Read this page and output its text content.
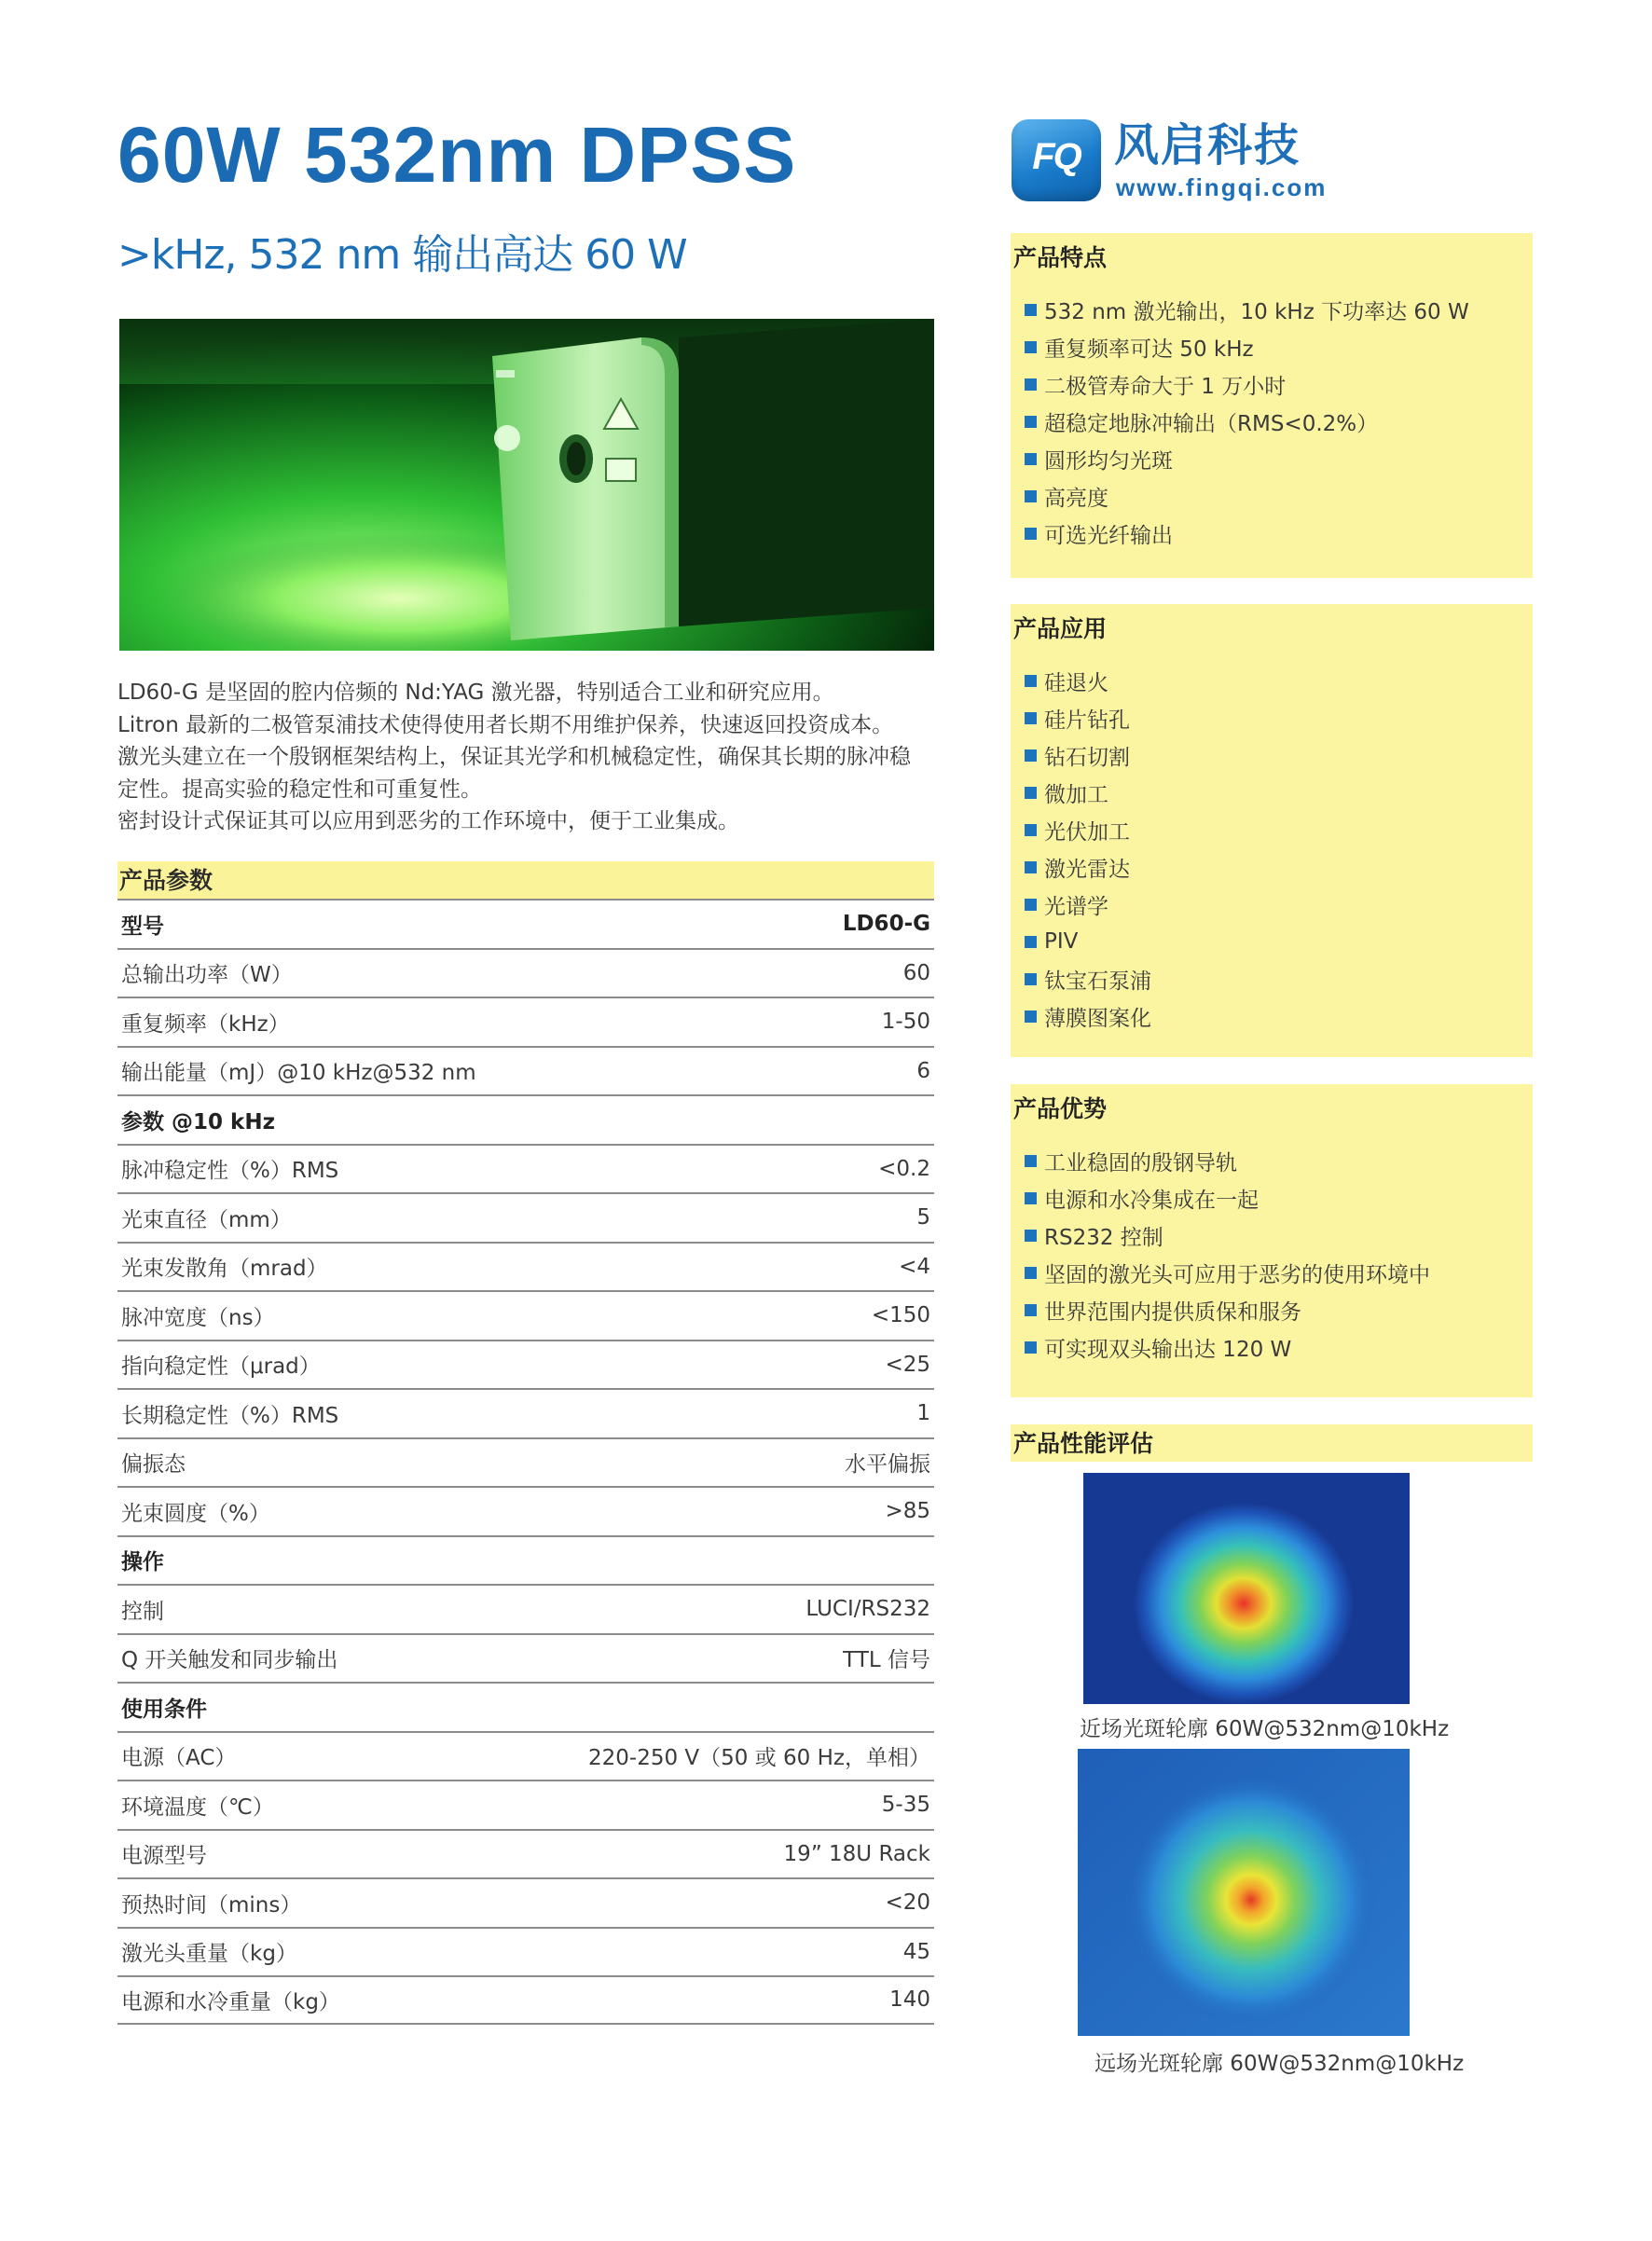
60W 532nm DPSS
>kHz, 532 nm 输出高达 60 W
FQ 风启科技
www.fingqi.com
LD60-G 是坚固的腔内倍频的 Nd:YAG 激光器，特别适合工业和研究应用。
Litron 最新的二极管泵浦技术使得使用者长期不用维护保养，快速返回投资成本。
激光头建立在一个殷钢框架结构上，保证其光学和机械稳定性，确保其长期的脉冲稳
定性。提高实验的稳定性和可重复性。
密封设计式保证其可以应用到恶劣的工作环境中，便于工业集成。
产品参数
型号	LD60-G
总输出功率（W）	60
重复频率（kHz）	1-50
输出能量（mJ）@10 kHz@532 nm	6
参数 @10 kHz
脉冲稳定性（%）RMS	<0.2
光束直径（mm）	5
光束发散角（mrad）	<4
脉冲宽度（ns）	<150
指向稳定性（μrad）	<25
长期稳定性（%）RMS	1
偏振态	水平偏振
光束圆度（%）	>85
操作
控制	LUCI/RS232
Q 开关触发和同步输出	TTL 信号
使用条件
电源（AC）	220-250 V（50 或 60 Hz，单相）
环境温度（℃）	5-35
电源型号	19” 18U Rack
预热时间（mins）	<20
激光头重量（kg）	45
电源和水冷重量（kg）	140
产品特点
532 nm 激光输出，10 kHz 下功率达 60 W
重复频率可达 50 kHz
二极管寿命大于 1 万小时
超稳定地脉冲输出（RMS<0.2%）
圆形均匀光斑
高亮度
可选光纤输出
产品应用
硅退火
硅片钻孔
钻石切割
微加工
光伏加工
激光雷达
光谱学
PIV
钛宝石泵浦
薄膜图案化
产品优势
工业稳固的殷钢导轨
电源和水冷集成在一起
RS232 控制
坚固的激光头可应用于恶劣的使用环境中
世界范围内提供质保和服务
可实现双头输出达 120 W
产品性能评估
近场光斑轮廓 60W@532nm@10kHz
远场光斑轮廓 60W@532nm@10kHz
